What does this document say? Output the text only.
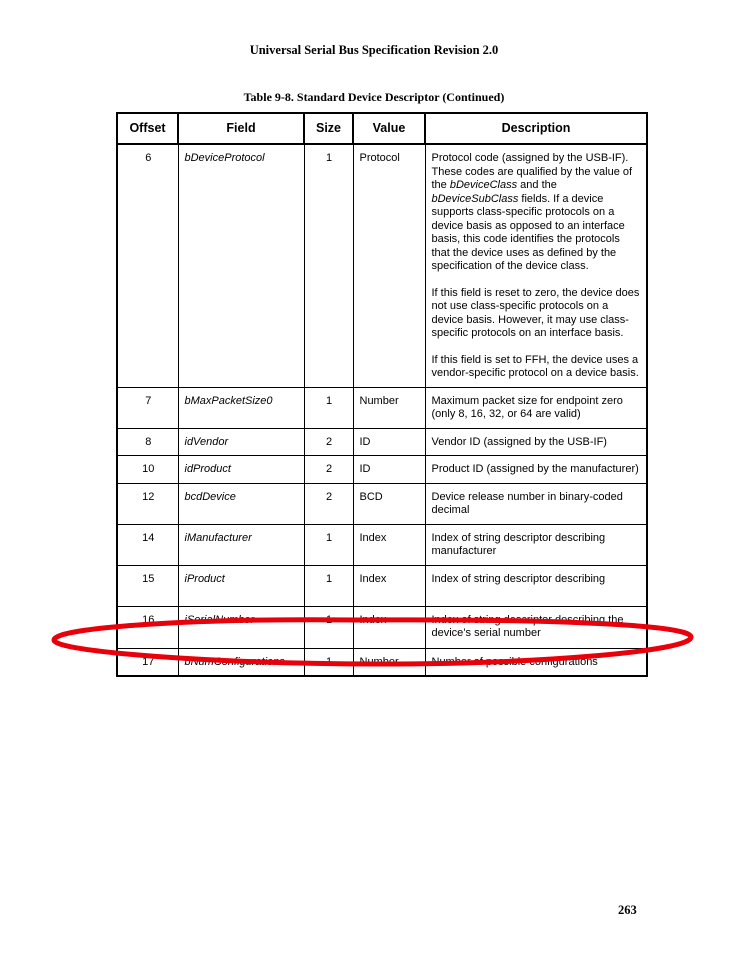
Universal Serial Bus Specification Revision 2.0
Table 9-8. Standard Device Descriptor (Continued)
Offset	Field	Size	Value	Description
6	bDeviceProtocol	1	Protocol	Protocol code (assigned by the USB-IF). These codes are qualified by the value of the bDeviceClass and the
bDeviceSubClass fields. If a device supports class-specific protocols on a device basis as opposed to an interface basis, this code identifies the protocols that the device uses as defined by the specification of the device class.

If this field is reset to zero, the device does not use class-specific protocols on a device basis. However, it may use class-specific protocols on an interface basis.

If this field is set to FFH, the device uses a vendor-specific protocol on a device basis.

7	bMaxPacketSize0	1	Number	Maximum packet size for endpoint zero (only 8, 16, 32, or 64 are valid)
8	idVendor	2	ID	Vendor ID (assigned by the USB-IF)
10	idProduct	2	ID	Product ID (assigned by the manufacturer)
12	bcdDevice	2	BCD	Device release number in binary-coded decimal
14	iManufacturer	1	Index	Index of string descriptor describing manufacturer
15	iProduct	1	Index	Index of string descriptor describing
16	iSerialNumber	1	Index	Index of string descriptor describing the device’s serial number
17	bNumConfigurations	1	Number	Number of possible configurations
263
